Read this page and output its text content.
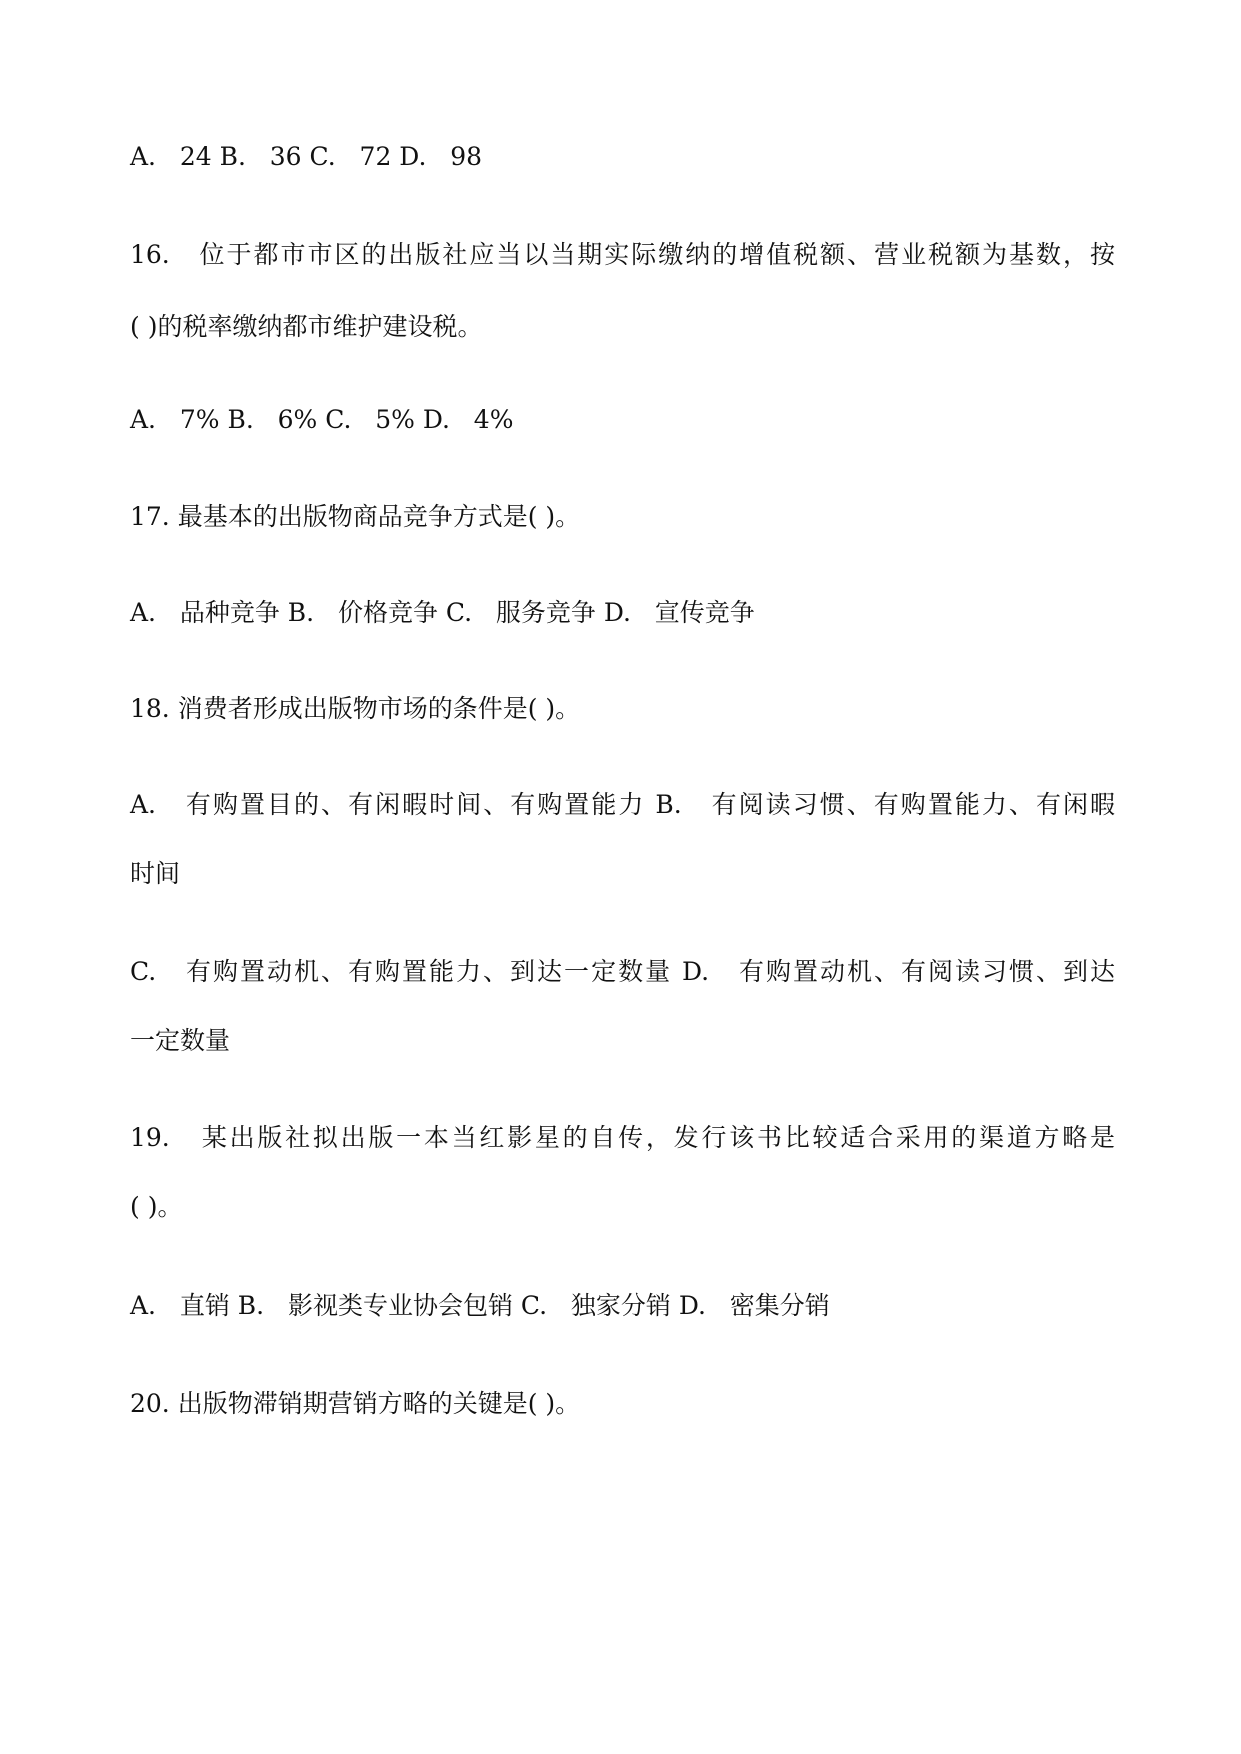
A.   24 B.   36 C.   72 D.   98

16.   位于都市市区的出版社应当以当期实际缴纳的增值税额、营业税额为基数，按

( )的税率缴纳都市维护建设税。

A.   7% B.   6% C.   5% D.   4%

17. 最基本的出版物商品竞争方式是( )。

A.   品种竞争 B.   价格竞争 C.   服务竞争 D.   宣传竞争

18. 消费者形成出版物市场的条件是( )。

A.   有购置目的、有闲暇时间、有购置能力 B.   有阅读习惯、有购置能力、有闲暇

时间

C.   有购置动机、有购置能力、到达一定数量 D.   有购置动机、有阅读习惯、到达

一定数量

19.   某出版社拟出版一本当红影星的自传，发行该书比较适合采用的渠道方略是

( )。

A.   直销 B.   影视类专业协会包销 C.   独家分销 D.   密集分销

20. 出版物滞销期营销方略的关键是( )。
